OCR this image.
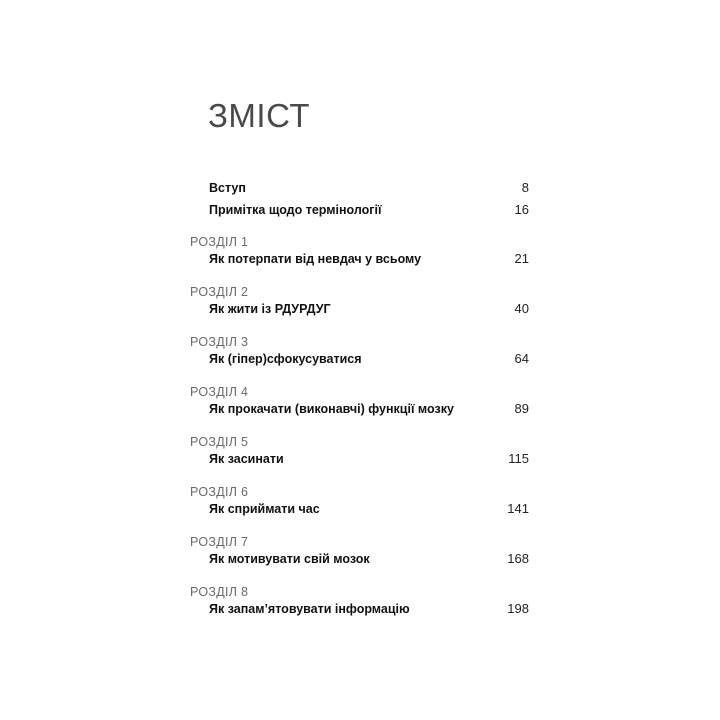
ЗМІСТ
Вступ	8
Примітка щодо термінології	16
РОЗДІЛ 1
Як потерпати від невдач у всьому	21
РОЗДІЛ 2
Як жити із РДУРДУГ	40
РОЗДІЛ 3
Як (гіпер)сфокусуватися	64
РОЗДІЛ 4
Як прокачати (виконавчі) функції мозку	89
РОЗДІЛ 5
Як засинати	115
РОЗДІЛ 6
Як сприймати час	141
РОЗДІЛ 7
Як мотивувати свій мозок	168
РОЗДІЛ 8
Як запам’ятовувати інформацію	198
